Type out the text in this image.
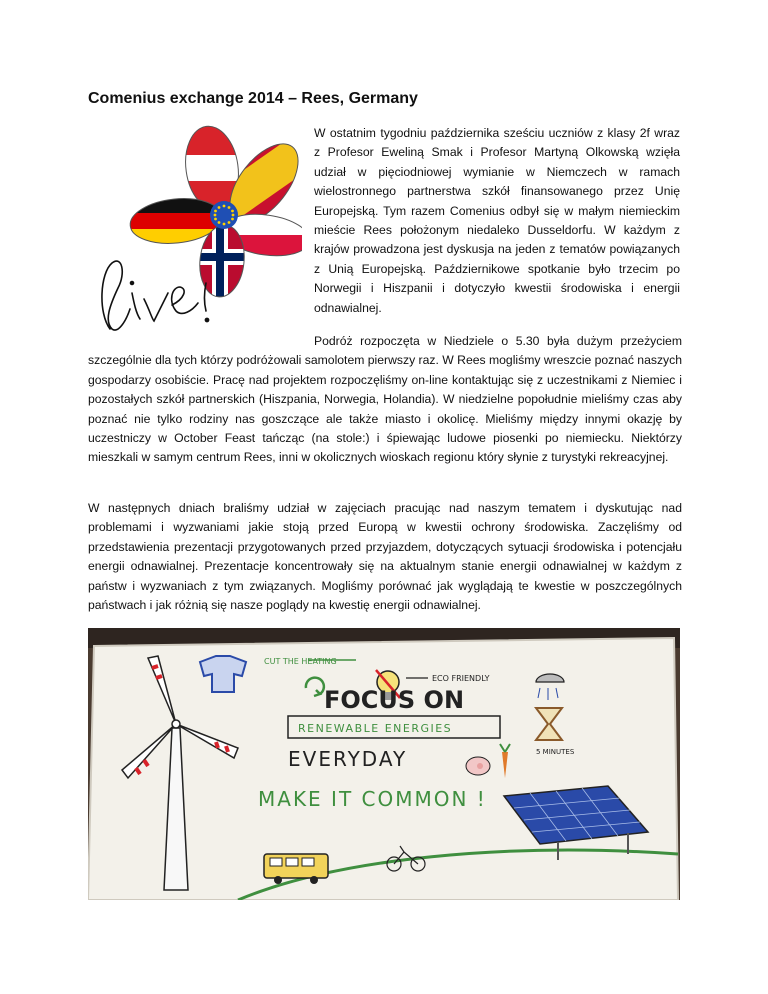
Comenius exchange 2014 – Rees, Germany
W ostatnim tygodniu października sześciu uczniów z klasy 2f wraz z Profesor Eweliną Smak i Profesor Martyną Olkowską wzięła udział w pięciodniowej wymianie w Niemczech w ramach wielostronnego partnerstwa szkół finansowanego przez Unię Europejską. Tym razem Comenius odbył się w małym niemieckim mieście Rees położonym niedaleko Dusseldorfu. W każdym z krajów prowadzona jest dyskusja na jeden z tematów powiązanych z Unią Europejską. Październikowe spotkanie było trzecim po Norwegii i Hiszpanii i dotyczyło kwestii środowiska i energii odnawialnej.
Podróż rozpoczęta w Niedziele o 5.30 była dużym przeżyciem szczególnie dla tych którzy podróżowali samolotem pierwszy raz. W Rees mogliśmy wreszcie poznać naszych gospodarzy osobiście. Pracę nad projektem rozpoczęliśmy on-line kontaktując się z uczestnikami z Niemiec i pozostałych szkół partnerskich (Hiszpania, Norwegia, Holandia). W niedzielne popołudnie mieliśmy czas aby poznać nie tylko rodziny nas goszczące ale także miasto i okolicę. Mieliśmy między innymi okazję by uczestniczy w October Feast tańcząc (na stole:) i śpiewając ludowe piosenki po niemiecku. Niektórzy mieszkali w samym centrum Rees, inni w okolicznych wioskach regionu który słynie z turystyki rekreacyjnej.
W następnych dniach braliśmy udział w zajęciach pracując nad naszym tematem i dyskutując nad problemami i wyzwaniami jakie stoją przed Europą w kwestii ochrony środowiska. Zaczęliśmy od przedstawienia prezentacji przygotowanych przed przyjazdem, dotyczących sytuacji środowiska i potencjału energii odnawialnej. Prezentacje koncentrowały się na aktualnym stanie energii odnawialnej w każdym z państw i wyzwaniach z tym związanych. Mogliśmy porównać jak wyglądają te kwestie w poszczególnych państwach i jak różnią się nasze poglądy na kwestię energii odnawialnej.
CUT THE HEATING
ECO FRIENDLY
5 MINUTES
FOCUS ON
RENEWABLE ENERGIES
EVERYDAY
MAKE IT COMMON !
